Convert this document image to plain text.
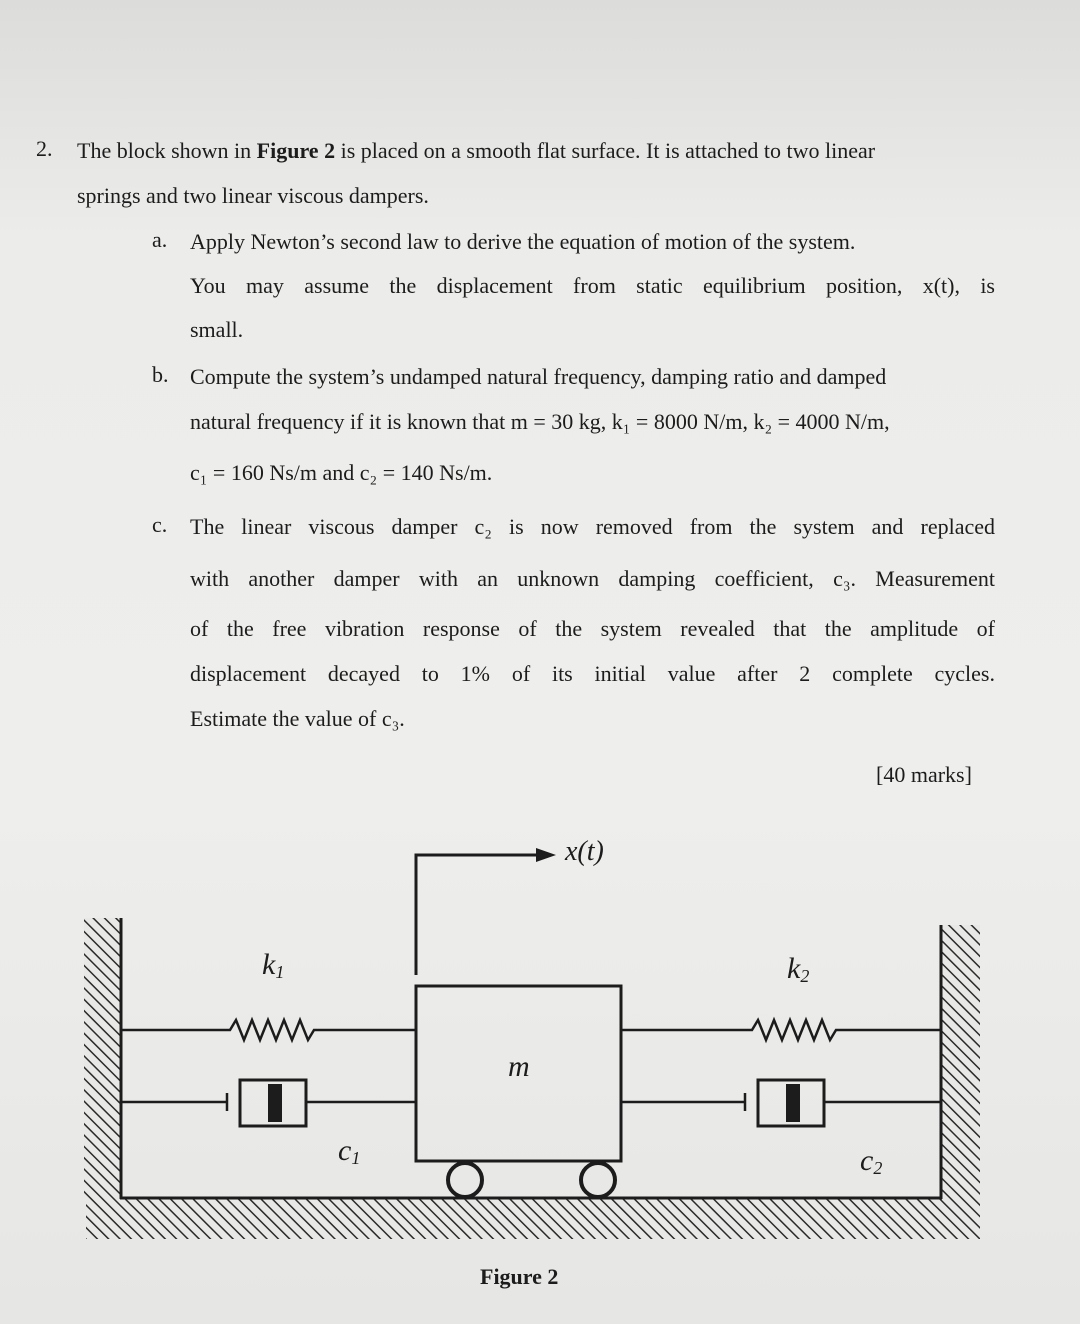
2. The block shown in Figure 2 is placed on a smooth flat surface. It is attached to two linear
springs and two linear viscous dampers.
a. Apply Newton’s second law to derive the equation of motion of the system.
You may assume the displacement from static equilibrium position, x(t), is
small.
b. Compute the system’s undamped natural frequency, damping ratio and damped
natural frequency if it is known that m = 30 kg, k₁ = 8000 N/m, k₂ = 4000 N/m,
c₁ = 160 Ns/m and c₂ = 140 Ns/m.
c. The linear viscous damper c₂ is now removed from the system and replaced
with another damper with an unknown damping coefficient, c₃. Measurement
of the free vibration response of the system revealed that the amplitude of
displacement decayed to 1% of its initial value after 2 complete cycles.
Estimate the value of c₃.
[40 marks]
x(t)
m
$k_1$	$k_2$
$c_1$	$c_2$
Figure 2
